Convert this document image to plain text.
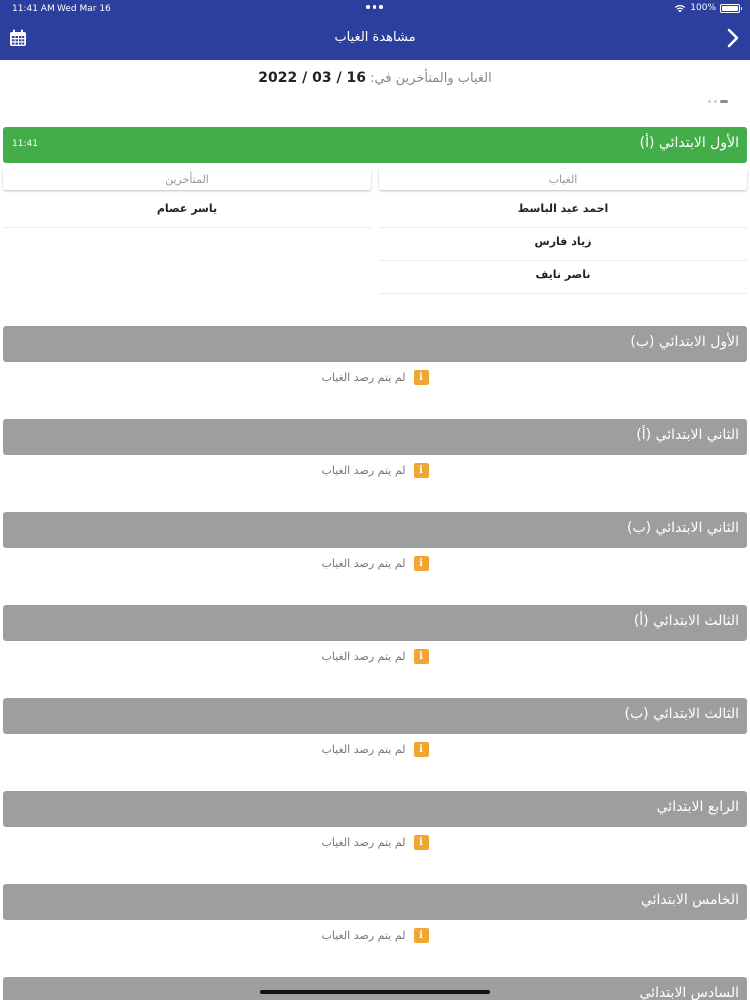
11:41 AM Wed Mar 16	100%
مشاهدة الغياب
الغياب والمتأخرين في: 2022 / 03 / 16
الأول الابتدائي (أ)
11:41
المتأخرين
ياسر عصام
الغياب
احمد عبد الباسط
زياد فارس
ناصر نايف
الأول الابتدائي (ب)
i
لم يتم رصد الغياب
الثاني الابتدائي (أ)
i
لم يتم رصد الغياب
الثاني الابتدائي (ب)
i
لم يتم رصد الغياب
الثالث الابتدائي (أ)
i
لم يتم رصد الغياب
الثالث الابتدائي (ب)
i
لم يتم رصد الغياب
الرابع الابتدائي
i
لم يتم رصد الغياب
الخامس الابتدائي
i
لم يتم رصد الغياب
السادس الابتدائي
